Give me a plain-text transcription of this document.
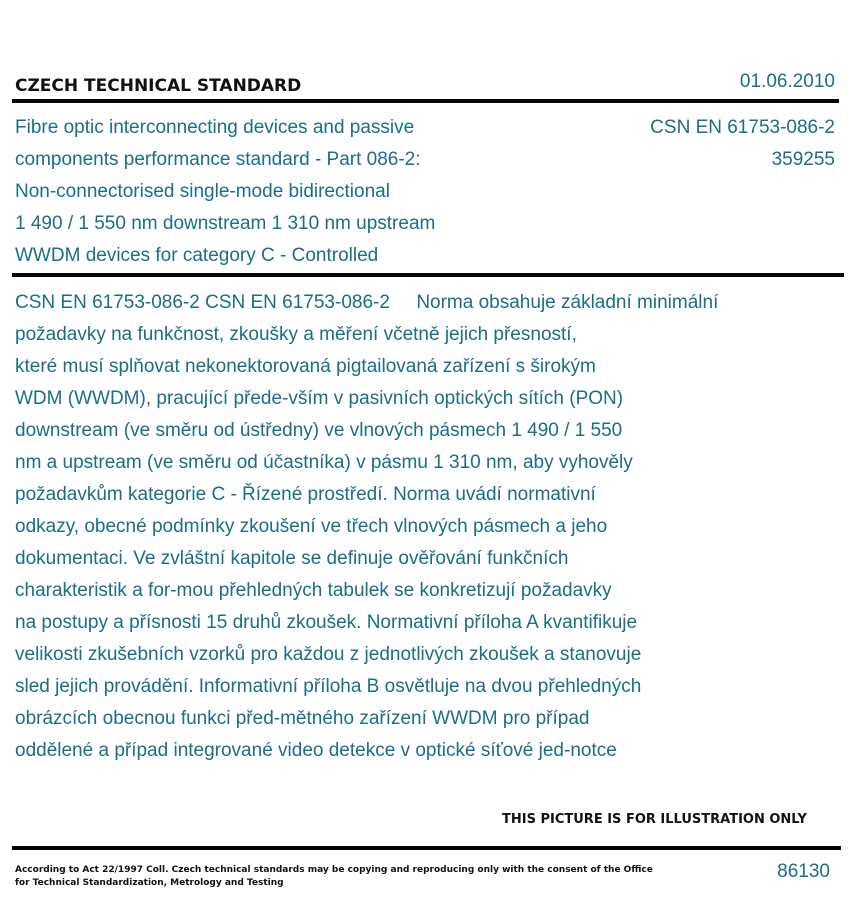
CZECH TECHNICAL STANDARD	01.06.2010
Fibre optic interconnecting devices and passive
components performance standard - Part 086-2:
Non-connectorised single-mode bidirectional
1 490 / 1 550 nm downstream 1 310 nm upstream
WWDM devices for category C - Controlled
CSN EN 61753-086-2
359255
CSN EN 61753-086-2 CSN EN 61753-086-2     Norma obsahuje základní minimální
požadavky na funkčnost, zkoušky a měření včetně jejich přesností,
které musí splňovat nekonektorovaná pigtailovaná zařízení s širokým
WDM (WWDM), pracující přede-vším v pasivních optických sítích (PON)
downstream (ve směru od ústředny) ve vlnových pásmech 1 490 / 1 550
nm a upstream (ve směru od účastníka) v pásmu 1 310 nm, aby vyhověly
požadavkům kategorie C - Řízené prostředí. Norma uvádí normativní
odkazy, obecné podmínky zkoušení ve třech vlnových pásmech a jeho
dokumentaci. Ve zvláštní kapitole se definuje ověřování funkčních
charakteristik a for-mou přehledných tabulek se konkretizují požadavky
na postupy a přísnosti 15 druhů zkoušek. Normativní příloha A kvantifikuje
velikosti zkušebních vzorků pro každou z jednotlivých zkoušek a stanovuje
sled jejich provádění. Informativní příloha B osvětluje na dvou přehledných
obrázcích obecnou funkci před-mětného zařízení WWDM pro případ
oddělené a případ integrované video detekce v optické síťové jed-notce
THIS PICTURE IS FOR ILLUSTRATION ONLY
According to Act 22/1997 Coll. Czech technical standards may be copying and reproducing only with the consent of the Office
for Technical Standardization, Metrology and Testing
86130
